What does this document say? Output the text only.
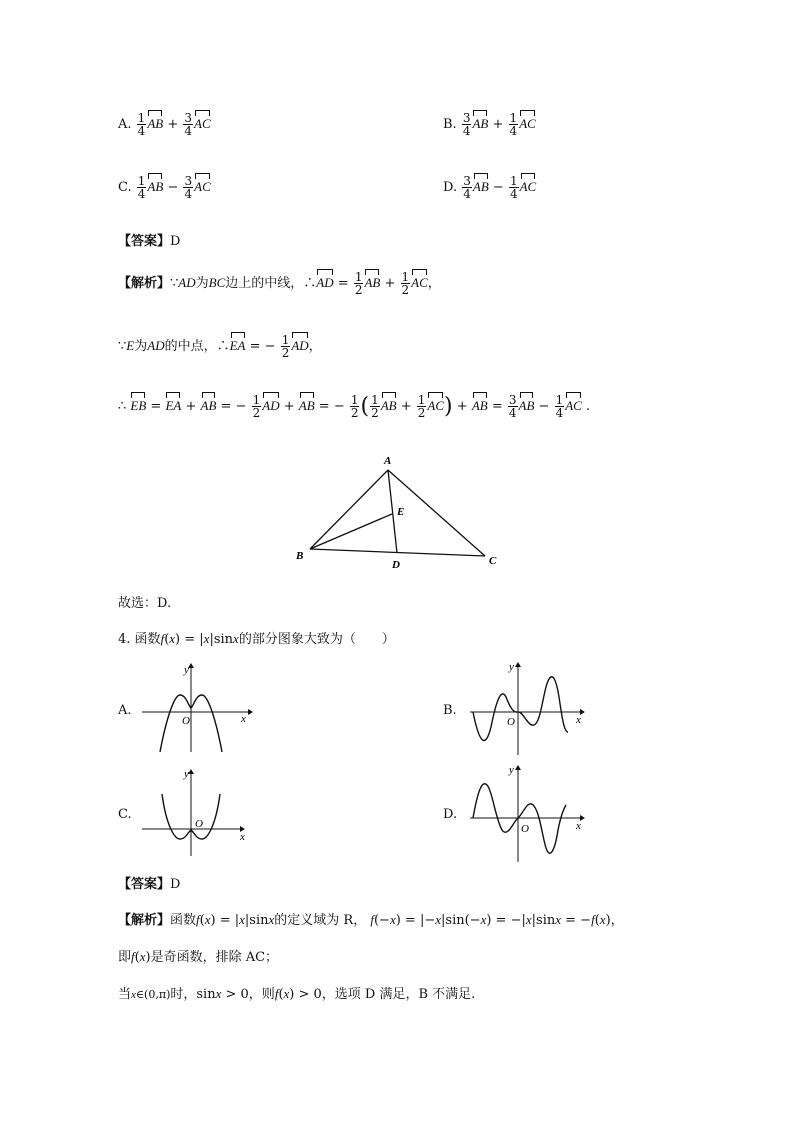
A. $\frac{1}{4}$ AB + $\frac{3}{4}$ AC	B. $\frac{3}{4}$ AB + $\frac{1}{4}$ AC
C. $\frac{1}{4}$ AB − $\frac{3}{4}$ AC	D. $\frac{3}{4}$ AB − $\frac{1}{4}$ AC
【答案】D
【解析】∵AD为BC边上的中线，∴AD = $\frac{1}{2}$ AB + $\frac{1}{2}$ AC，
∵E为AD的中点，∴EA = − $\frac{1}{2}$ AD，
∴ EB = EA + AB = − $\frac{1}{2}$ AD + AB = − $\frac{1}{2}$ ( $\frac{1}{2}$ AB + $\frac{1}{2} AC$) + AB = $\frac{3}{4}$ AB − $\frac{1}{4}$ AC .
A
B	C
D
E
故选：D.
4. 函数f(x) = |x|sinx的部分图象大致为（　　）
A.
y
x
O
B.
y
x
O
C.
y
x
O
D.
y
x
O
【答案】D
【解析】函数f(x) = |x|sinx的定义域为 R， f(−x) = |−x|sin(−x) = −|x|sinx = −f(x)，
即f(x)是奇函数，排除 AC；
当x∈(0,π)时，sinx > 0，则f(x) > 0，选项 D 满足，B 不满足.
